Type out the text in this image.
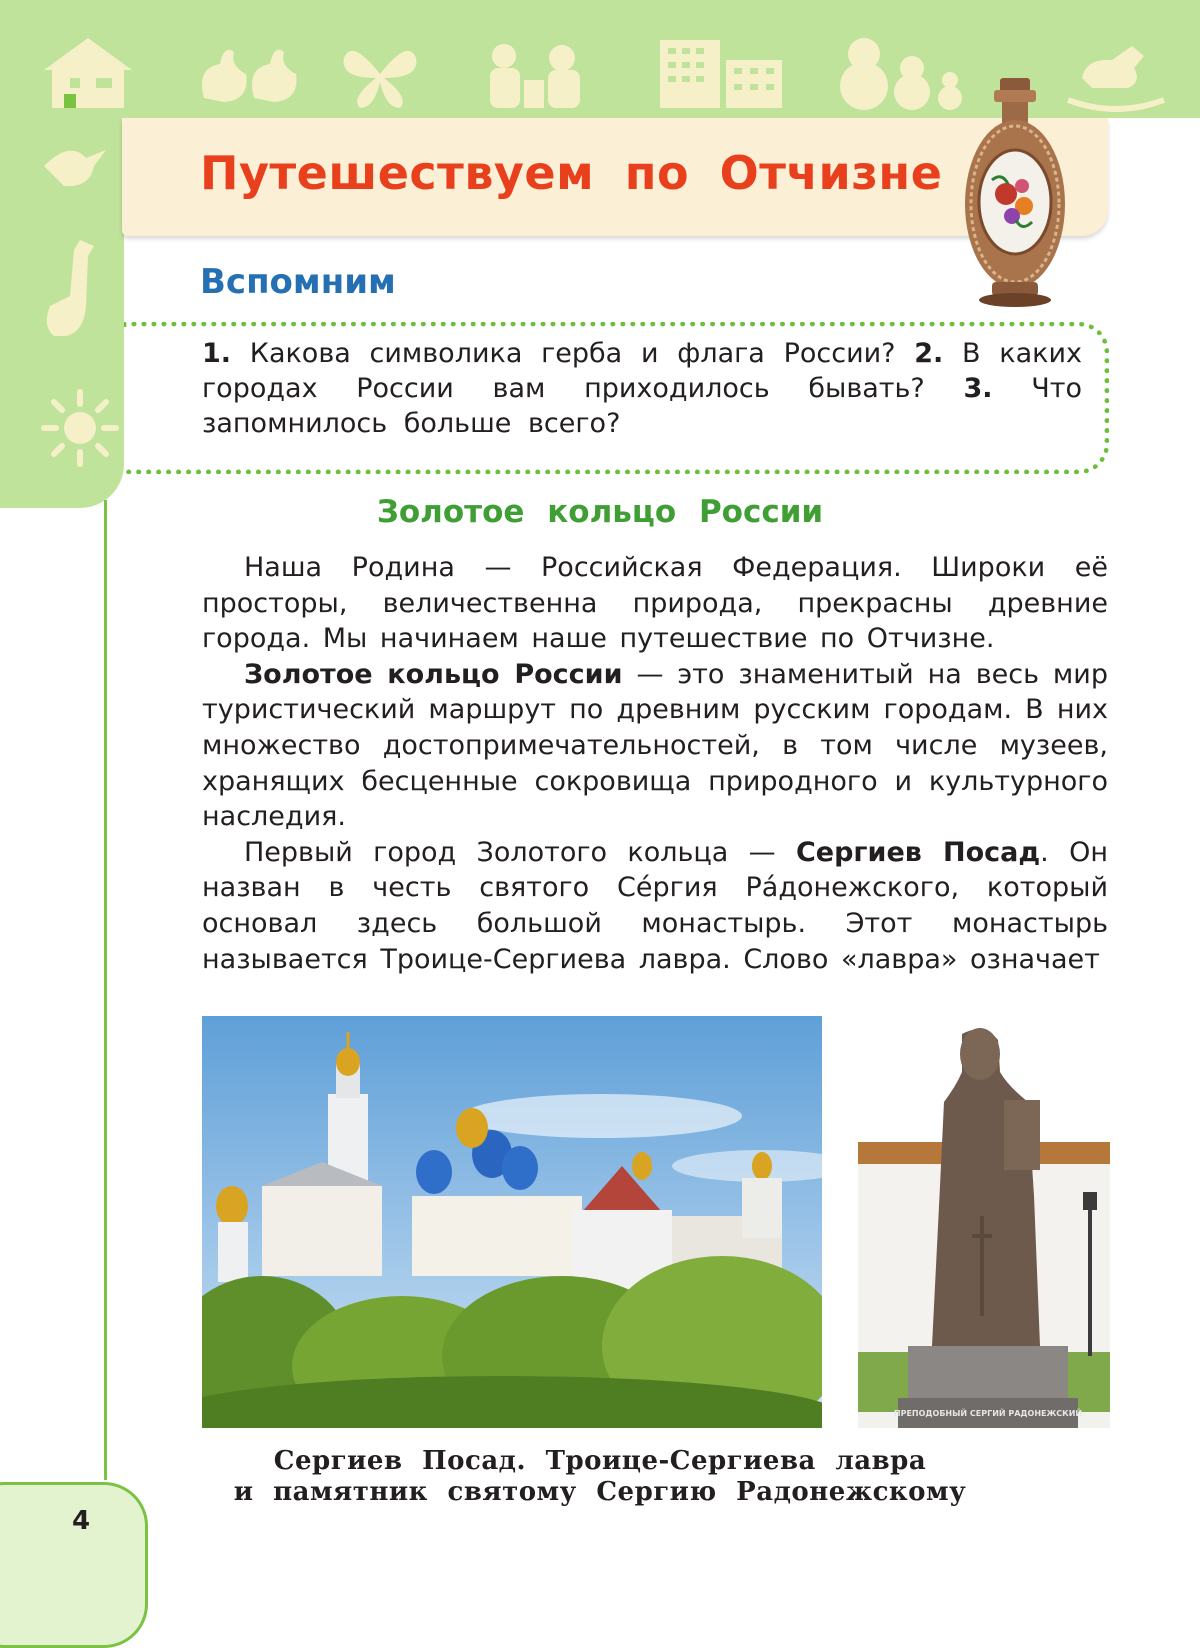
Путешествуем по Отчизне
Вспомним

1. Какова символика герба и флага России? 2. В каких городах России вам приходилось бывать? 3. Что запомнилось больше всего?

Золотое кольцо России

Наша Родина — Российская Федерация. Широки её просторы, величественна природа, прекрасны древние города. Мы начинаем наше путешествие по Отчизне.

Золотое кольцо России — это знаменитый на весь мир туристический маршрут по древним русским городам. В них множество достопримечательностей, в том числе музеев, хранящих бесценные сокровища природного и культурного наследия.

Первый город Золотого кольца — Сергиев Посад. Он назван в честь святого Се́ргия Ра́донежского, который основал здесь большой монастырь. Этот монастырь называется Троице-Сергиева лавра. Слово «лавра» означает

ПРЕПОДОБНЫЙ СЕРГИЙ РАДОНЕЖСКИЙ

Сергиев Посад. Троице-Сергиева лавра
и памятник святому Сергию Радонежскому

4
